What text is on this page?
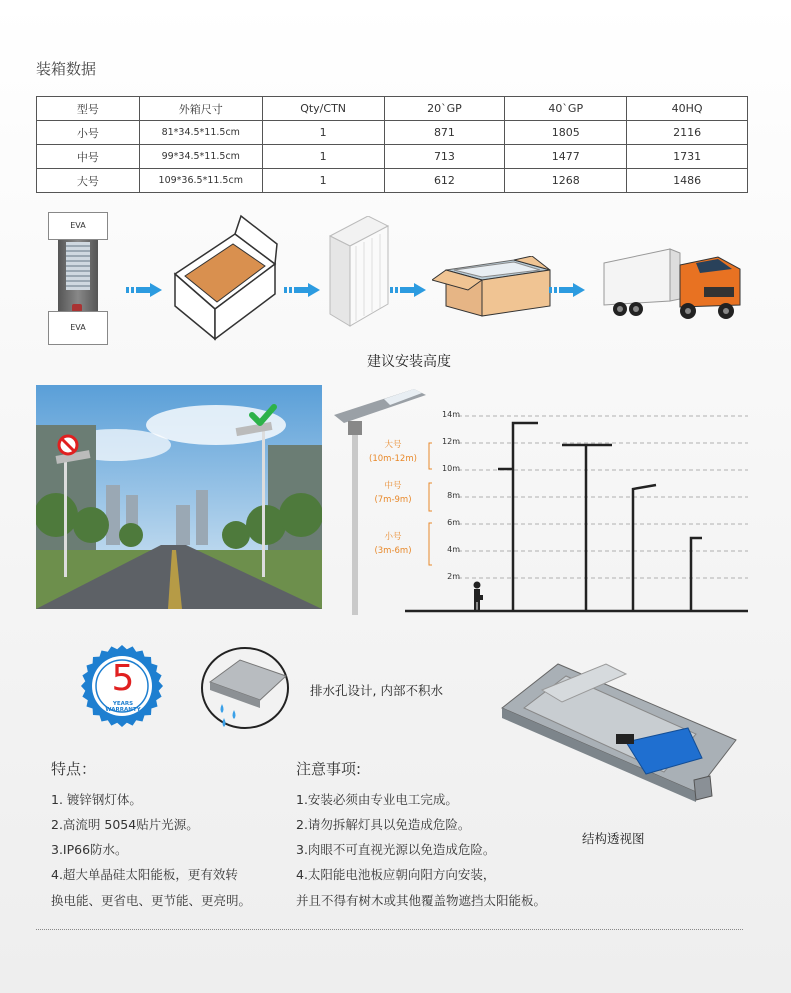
装箱数据
型号	外箱尺寸	Qty/CTN	20`GP	40`GP	40HQ
小号	81*34.5*11.5cm	1	871	1805	2116
中号	99*34.5*11.5cm	1	713	1477	1731
大号	109*36.5*11.5cm	1	612	1268	1486
EVA
EVA
建议安装高度
14m
12m
10m
8m
6m
4m
2m
大号
(10m-12m)
中号
(7m-9m)
小号
(3m-6m)
5
YEARS WARRANTY
排水孔设计, 内部不积水
结构透视图
特点：
1. 镀锌钢灯体。
2.高流明 5054贴片光源。
3.IP66防水。
4.超大单晶硅太阳能板，更有效转
换电能、更省电、更节能、更亮明。
注意事项:
1.安装必须由专业电工完成。
2.请勿拆解灯具以免造成危险。
3.肉眼不可直视光源以免造成危险。
4.太阳能电池板应朝向阳方向安装，
并且不得有树木或其他覆盖物遮挡太阳能板。
